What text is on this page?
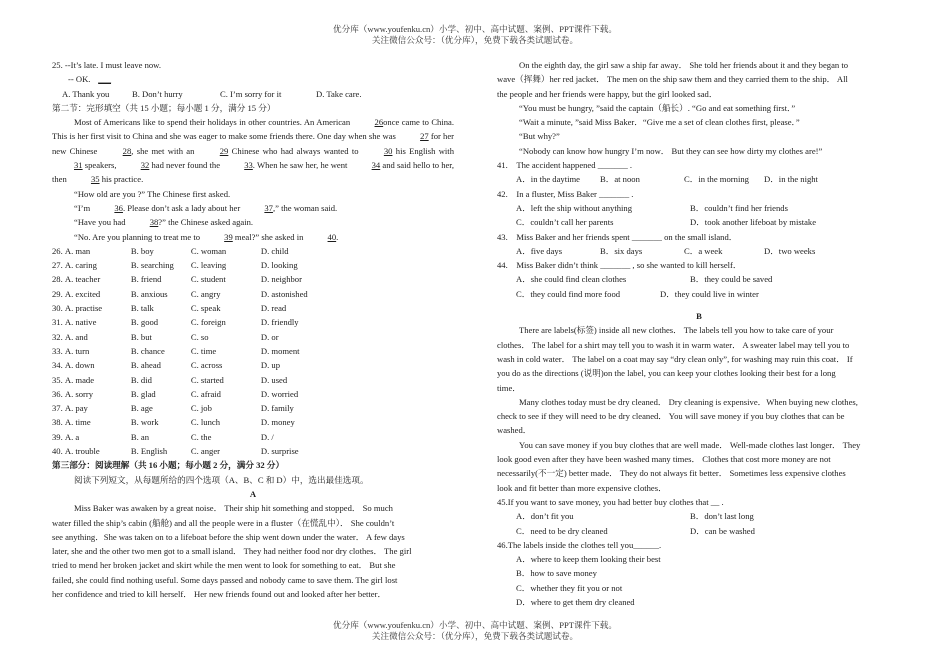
优分库（www.youfenku.cn）小学、初中、高中试题、案例、PPT课件下载。
关注微信公众号：（优分库），免费下载各类试题试卷。
25. --It’s late. I must leave now.
-- OK. ___
A. Thank you	B. Don’t hurry	C. I’m sorry for it	D. Take care.
第二节：完形填空（共 15 小题；每小题 1 分，满分 15 分）
Most of Americans like to spend their holidays in other countries. An American	26once came to China. This is her first visit to China and she was eager to make some friends there. One day when she was	27 for her new Chinese	28, she met with an	29 Chinese who had always wanted to	30 his English with 31 speakers,	32 had never found the	33. When he saw her, he went	34 and said hello to her, then	35 his practice.
“How old are you ?” The Chinese first asked.
“I’m	36. Please don’t ask a lady about her	37,” the woman said.
“Have you had	38?” the Chinese asked again.
“No. Are you planning to treat me to	39 meal?” she asked in	40.
26. A. man	B. boy	C. woman	D. child
27. A. caring	B. searching C. leaving	D. looking
28. A. teacher	B. friend	C. student	D. neighbor
29. A. excited	B. anxious	C. angry	D. astonished
30. A. practise	B. talk	C. speak	D. read
31. A. native	B. good	C. foreign	D. friendly
32. A. and	B. but	C. so	D. or
33. A. turn	B. chance	C. time	D. moment
34. A. down	B. ahead	C. across	D. up
35. A. made	B. did	C. started	D. used
36. A. sorry	B. glad	C. afraid	D. worried
37. A. pay	B. age	C. job	D. family
38. A. time	B. work	C. lunch	D. money
39. A. a	B. an	C. the	D. /
40. A. trouble	B. English	C. anger	D. surprise
第三部分：阅读理解（共 16 小题；每小题 2 分，满分 32 分）
阅读下列短文，从每题所给的四个选项（A、B、C 和 D）中，选出最佳选项。
A
Miss Baker was awaken by a great noise． Their ship hit something and stopped． So much
water filled the ship’s cabin (船舱) and all the people were in a fluster（在慌乱中）． She couldn’t
see anything．She was taken on to a lifeboat before the ship went down under the water． A few days
later, she and the other two men got to a small island． They had neither food nor dry clothes． The girl
tried to mend her broken jacket and skirt while the men went to look for something to eat． But she
failed, she could find nothing useful. Some days passed and nobody came to save them. The girl lost
her confidence and tried to kill herself． Her new friends found out and looked after her better．
On the eighth day, the girl saw a ship far away． She told her friends about it and they began to
wave（挥舞）her red jacket． The men on the ship saw them and they carried them to the ship． All
the people and her friends were happy, but the girl looked sad．
“You must be hungry, ”said the captain（船长）. “Go and eat something first．”
“Wait a minute, ”said Miss Baker．“Give me a set of clean clothes first, please．”
“But why?”
“Nobody can know how hungry I’m now． But they can see how dirty my clothes are!”
41.　The accident happened _______ .
A．in the daytime B．at noon	C．in the morning D．in the night
42.　In a fluster, Miss Baker _______ .
A．left the ship without anything	B．couldn’t find her friends
C．couldn’t call her parents	D．took another lifeboat by mistake
43.　Miss Baker and her friends spent _______ on the small island．
A．five days	B．six days	C．a week	D．two weeks
44.　Miss Baker didn’t think _______ , so she wanted to kill herself．
A．she could find clean clothes	B．they could be saved
C．they could find more food	D．they could live in winter
B
There are labels(标签) inside all new clothes． The labels tell you how to take care of your
clothes． The label for a shirt may tell you to wash it in warm water． A sweater label may tell you to
wash in cold water． The label on a coat may say “dry clean only”, for washing may ruin this coat． If
you do as the directions (说明)on the label, you can keep your clothes looking their best for a long
time．
Many clothes today must be dry cleaned． Dry cleaning is expensive．When buying new clothes,
check to see if they will need to be dry cleaned． You will save money if you buy clothes that can be
washed．
You can save money if you buy clothes that are well made． Well-made clothes last longer． They
look good even after they have been washed many times． Clothes that cost more money are not
necessarily(不一定) better made． They do not always fit better． Sometimes less expensive clothes
look and fit better than more expensive clothes．
45.If you want to save money, you had better buy clothes that __ .
A．don’t fit you	B．don’t last long
C．need to be dry cleaned	D．can be washed
46.The labels inside the clothes tell you______.
A．where to keep them looking their best
B．how to save money
C．whether they fit you or not
D．where to get them dry cleaned
优分库（www.youfenku.cn）小学、初中、高中试题、案例、PPT课件下载。
关注微信公众号：（优分库），免费下载各类试题试卷。
